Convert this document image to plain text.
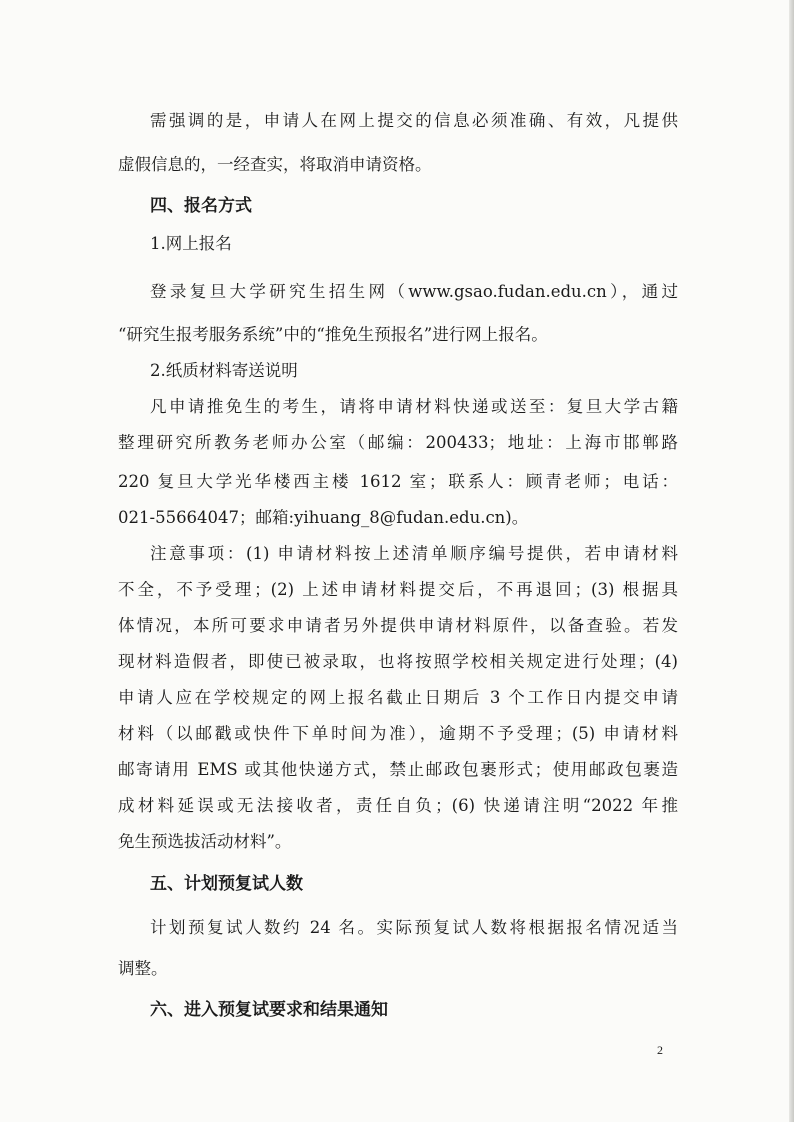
需强调的是，申请人在网上提交的信息必须准确、有效，凡提供
虚假信息的，一经查实，将取消申请资格。
四、报名方式
1.网上报名
登录复旦大学研究生招生网（www.gsao.fudan.edu.cn），通过
“研究生报考服务系统”中的“推免生预报名”进行网上报名。
2.纸质材料寄送说明
凡申请推免生的考生，请将申请材料快递或送至：复旦大学古籍
整理研究所教务老师办公室（邮编：200433；地址：上海市邯郸路
220 复旦大学光华楼西主楼 1612 室；联系人：顾青老师；电话：
021-55664047；邮箱:yihuang_8@fudan.edu.cn)。
注意事项：(1) 申请材料按上述清单顺序编号提供，若申请材料
不全，不予受理；(2) 上述申请材料提交后，不再退回；(3) 根据具
体情况，本所可要求申请者另外提供申请材料原件，以备查验。若发
现材料造假者，即使已被录取，也将按照学校相关规定进行处理；(4)
申请人应在学校规定的网上报名截止日期后 3 个工作日内提交申请
材料（以邮戳或快件下单时间为准），逾期不予受理；(5) 申请材料
邮寄请用 EMS 或其他快递方式，禁止邮政包裹形式；使用邮政包裹造
成材料延误或无法接收者，责任自负；(6) 快递请注明“2022 年推
免生预选拔活动材料”。
五、计划预复试人数
计划预复试人数约 24 名。实际预复试人数将根据报名情况适当
调整。
六、进入预复试要求和结果通知
2
